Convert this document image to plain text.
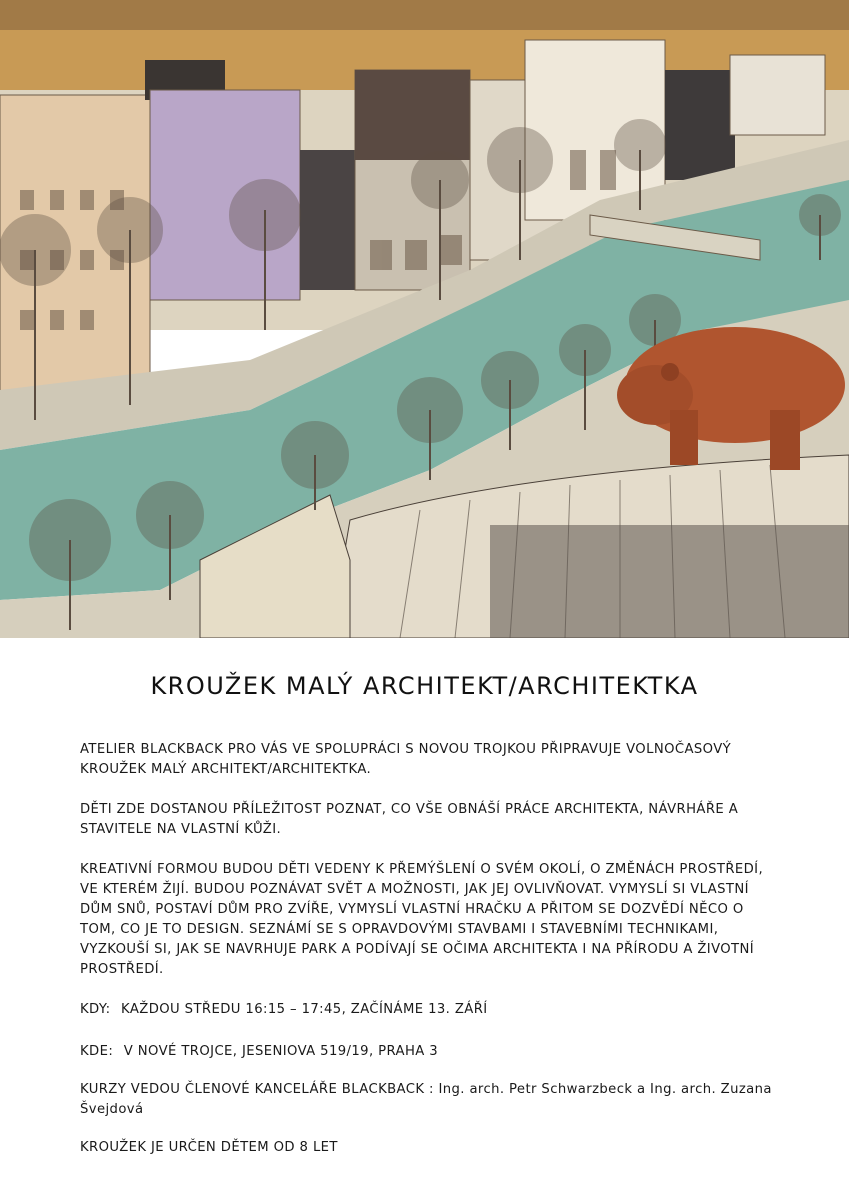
KROUŽEK MALÝ ARCHITEKT/ARCHITEKTKA

ATELIER BLACKBACK PRO VÁS VE SPOLUPRÁCI S NOVOU TROJKOU PŘIPRAVUJE VOLNOČASOVÝ KROUŽEK MALÝ ARCHITEKT/ARCHITEKTKA.

DĚTI ZDE DOSTANOU PŘÍLEŽITOST POZNAT, CO VŠE OBNÁŠÍ PRÁCE ARCHITEKTA, NÁVRHÁŘE A STAVITELE NA VLASTNÍ KŮŽI.

KREATIVNÍ FORMOU BUDOU DĚTI VEDENY K PŘEMÝŠLENÍ O SVÉM OKOLÍ, O ZMĚNÁCH PROSTŘEDÍ, VE KTERÉM ŽIJÍ. BUDOU POZNÁVAT SVĚT A MOŽNOSTI, JAK JEJ OVLIVŇOVAT. VYMYSLÍ SI VLASTNÍ DŮM SNŮ, POSTAVÍ DŮM PRO ZVÍŘE, VYMYSLÍ VLASTNÍ HRAČKU A PŘITOM SE DOZVĚDÍ NĚCO O TOM, CO JE TO DESIGN. SEZNÁMÍ SE S OPRAVDOVÝMI STAVBAMI I STAVEBNÍMI TECHNIKAMI, VYZKOUŠÍ SI, JAK SE NAVRHUJE PARK A PODÍVAJÍ SE OČIMA ARCHITEKTA I NA PŘÍRODU A ŽIVOTNÍ PROSTŘEDÍ.

KDY: KAŽDOU STŘEDU 16:15 – 17:45, ZAČÍNÁME 13. ZÁŘÍ

KDE: V NOVÉ TROJCE, JESENIOVA 519/19, PRAHA 3

KURZY VEDOU ČLENOVÉ KANCELÁŘE BLACKBACK : Ing. arch. Petr Schwarzbeck a Ing. arch. Zuzana Švejdová

KROUŽEK JE URČEN DĚTEM OD 8 LET
